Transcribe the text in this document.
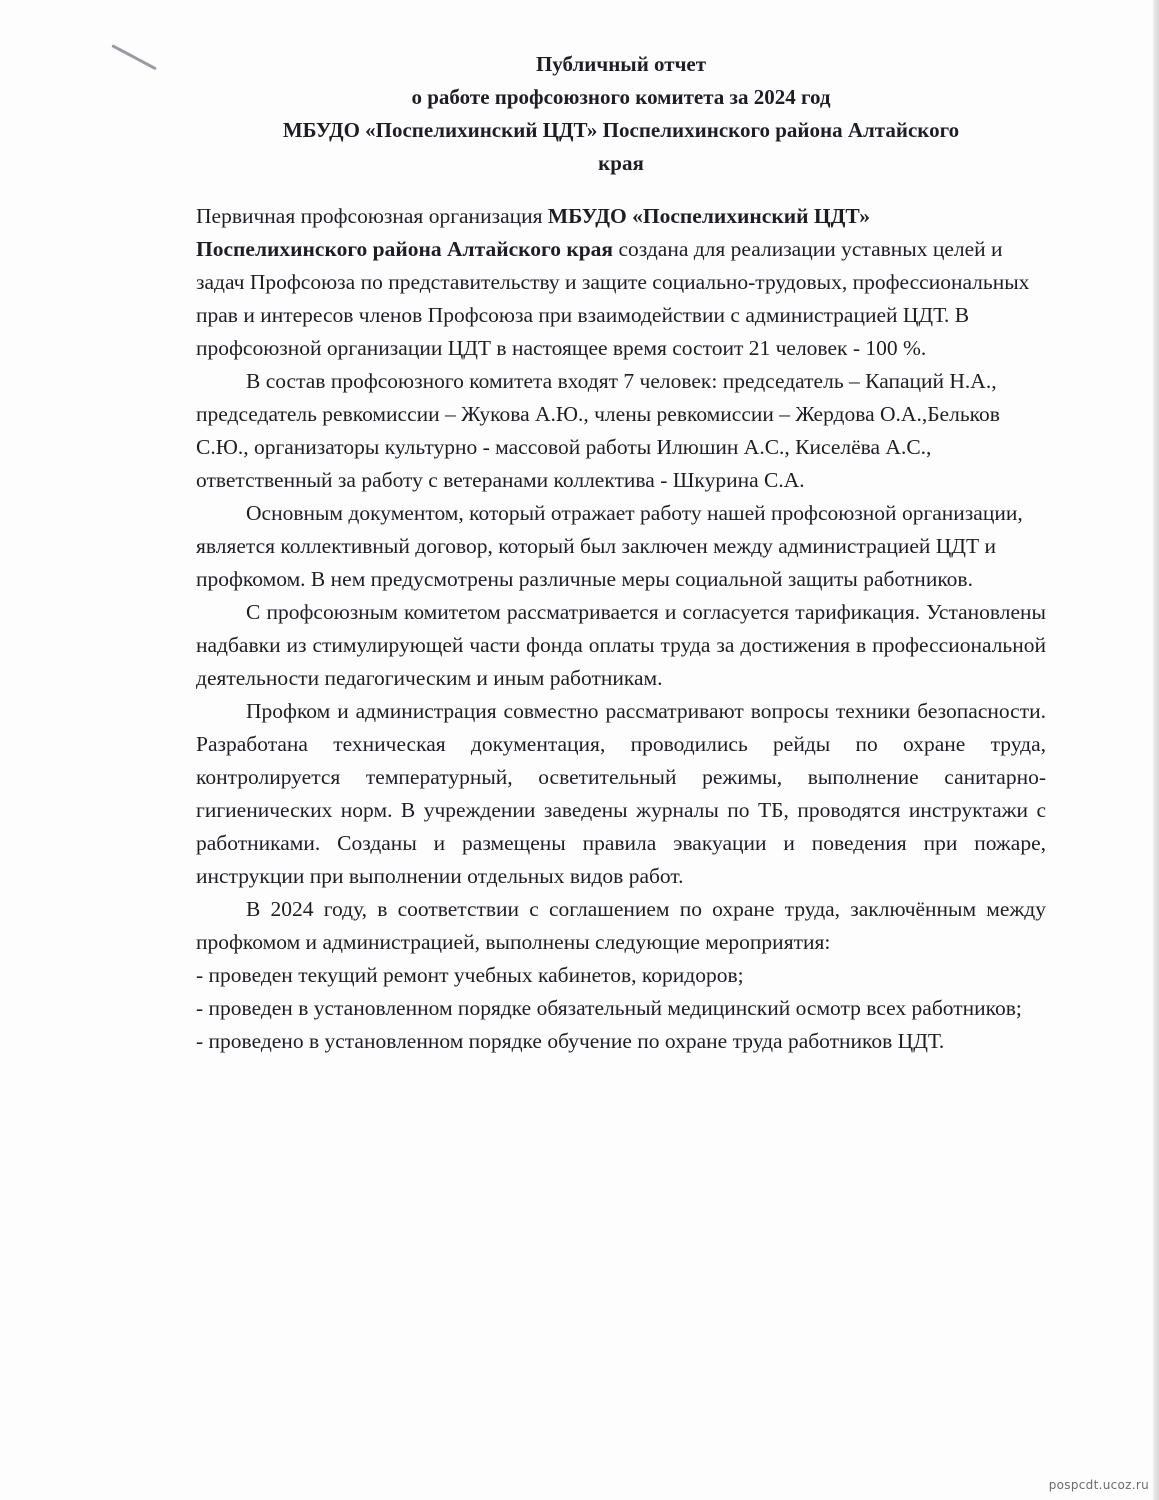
Публичный отчет
о работе профсоюзного комитета за 2024 год
МБУДО «Поспелихинский ЦДТ» Поспелихинского района Алтайского
края

Первичная профсоюзная организация МБУДО «Поспелихинский ЦДТ» Поспелихинского района Алтайского края создана для реализации уставных целей и задач Профсоюза по представительству и защите социально-трудовых, профессиональных прав и интересов членов Профсоюза при взаимодействии с администрацией ЦДТ. В профсоюзной организации ЦДТ в настоящее время состоит 21 человек - 100 %.

В состав профсоюзного комитета входят 7 человек: председатель – Капаций Н.А., председатель ревкомиссии – Жукова А.Ю., члены ревкомиссии – Жердова О.А.,Бельков С.Ю., организаторы культурно - массовой работы Илюшин А.С., Киселёва А.С., ответственный за работу с ветеранами коллектива - Шкурина С.А.

Основным документом, который отражает работу нашей профсоюзной организации, является коллективный договор, который был заключен между администрацией ЦДТ и профкомом. В нем предусмотрены различные меры социальной защиты работников.

С профсоюзным комитетом рассматривается и согласуется тарификация. Установлены надбавки из стимулирующей части фонда оплаты труда за достижения в профессиональной деятельности педагогическим и иным работникам.

Профком и администрация совместно рассматривают вопросы техники безопасности. Разработана техническая документация, проводились рейды по охране труда, контролируется температурный, осветительный режимы, выполнение санитарно-гигиенических норм. В учреждении заведены журналы по ТБ, проводятся инструктажи с работниками. Созданы и размещены правила эвакуации и поведения при пожаре, инструкции при выполнении отдельных видов работ.

В 2024 году, в соответствии с соглашением по охране труда, заключённым между профкомом и администрацией, выполнены следующие мероприятия:

- проведен текущий ремонт учебных кабинетов, коридоров;
- проведен в установленном порядке обязательный медицинский осмотр всех работников;
- проведено в установленном порядке обучение по охране труда работников ЦДТ.
pospcdt.ucoz.ru
